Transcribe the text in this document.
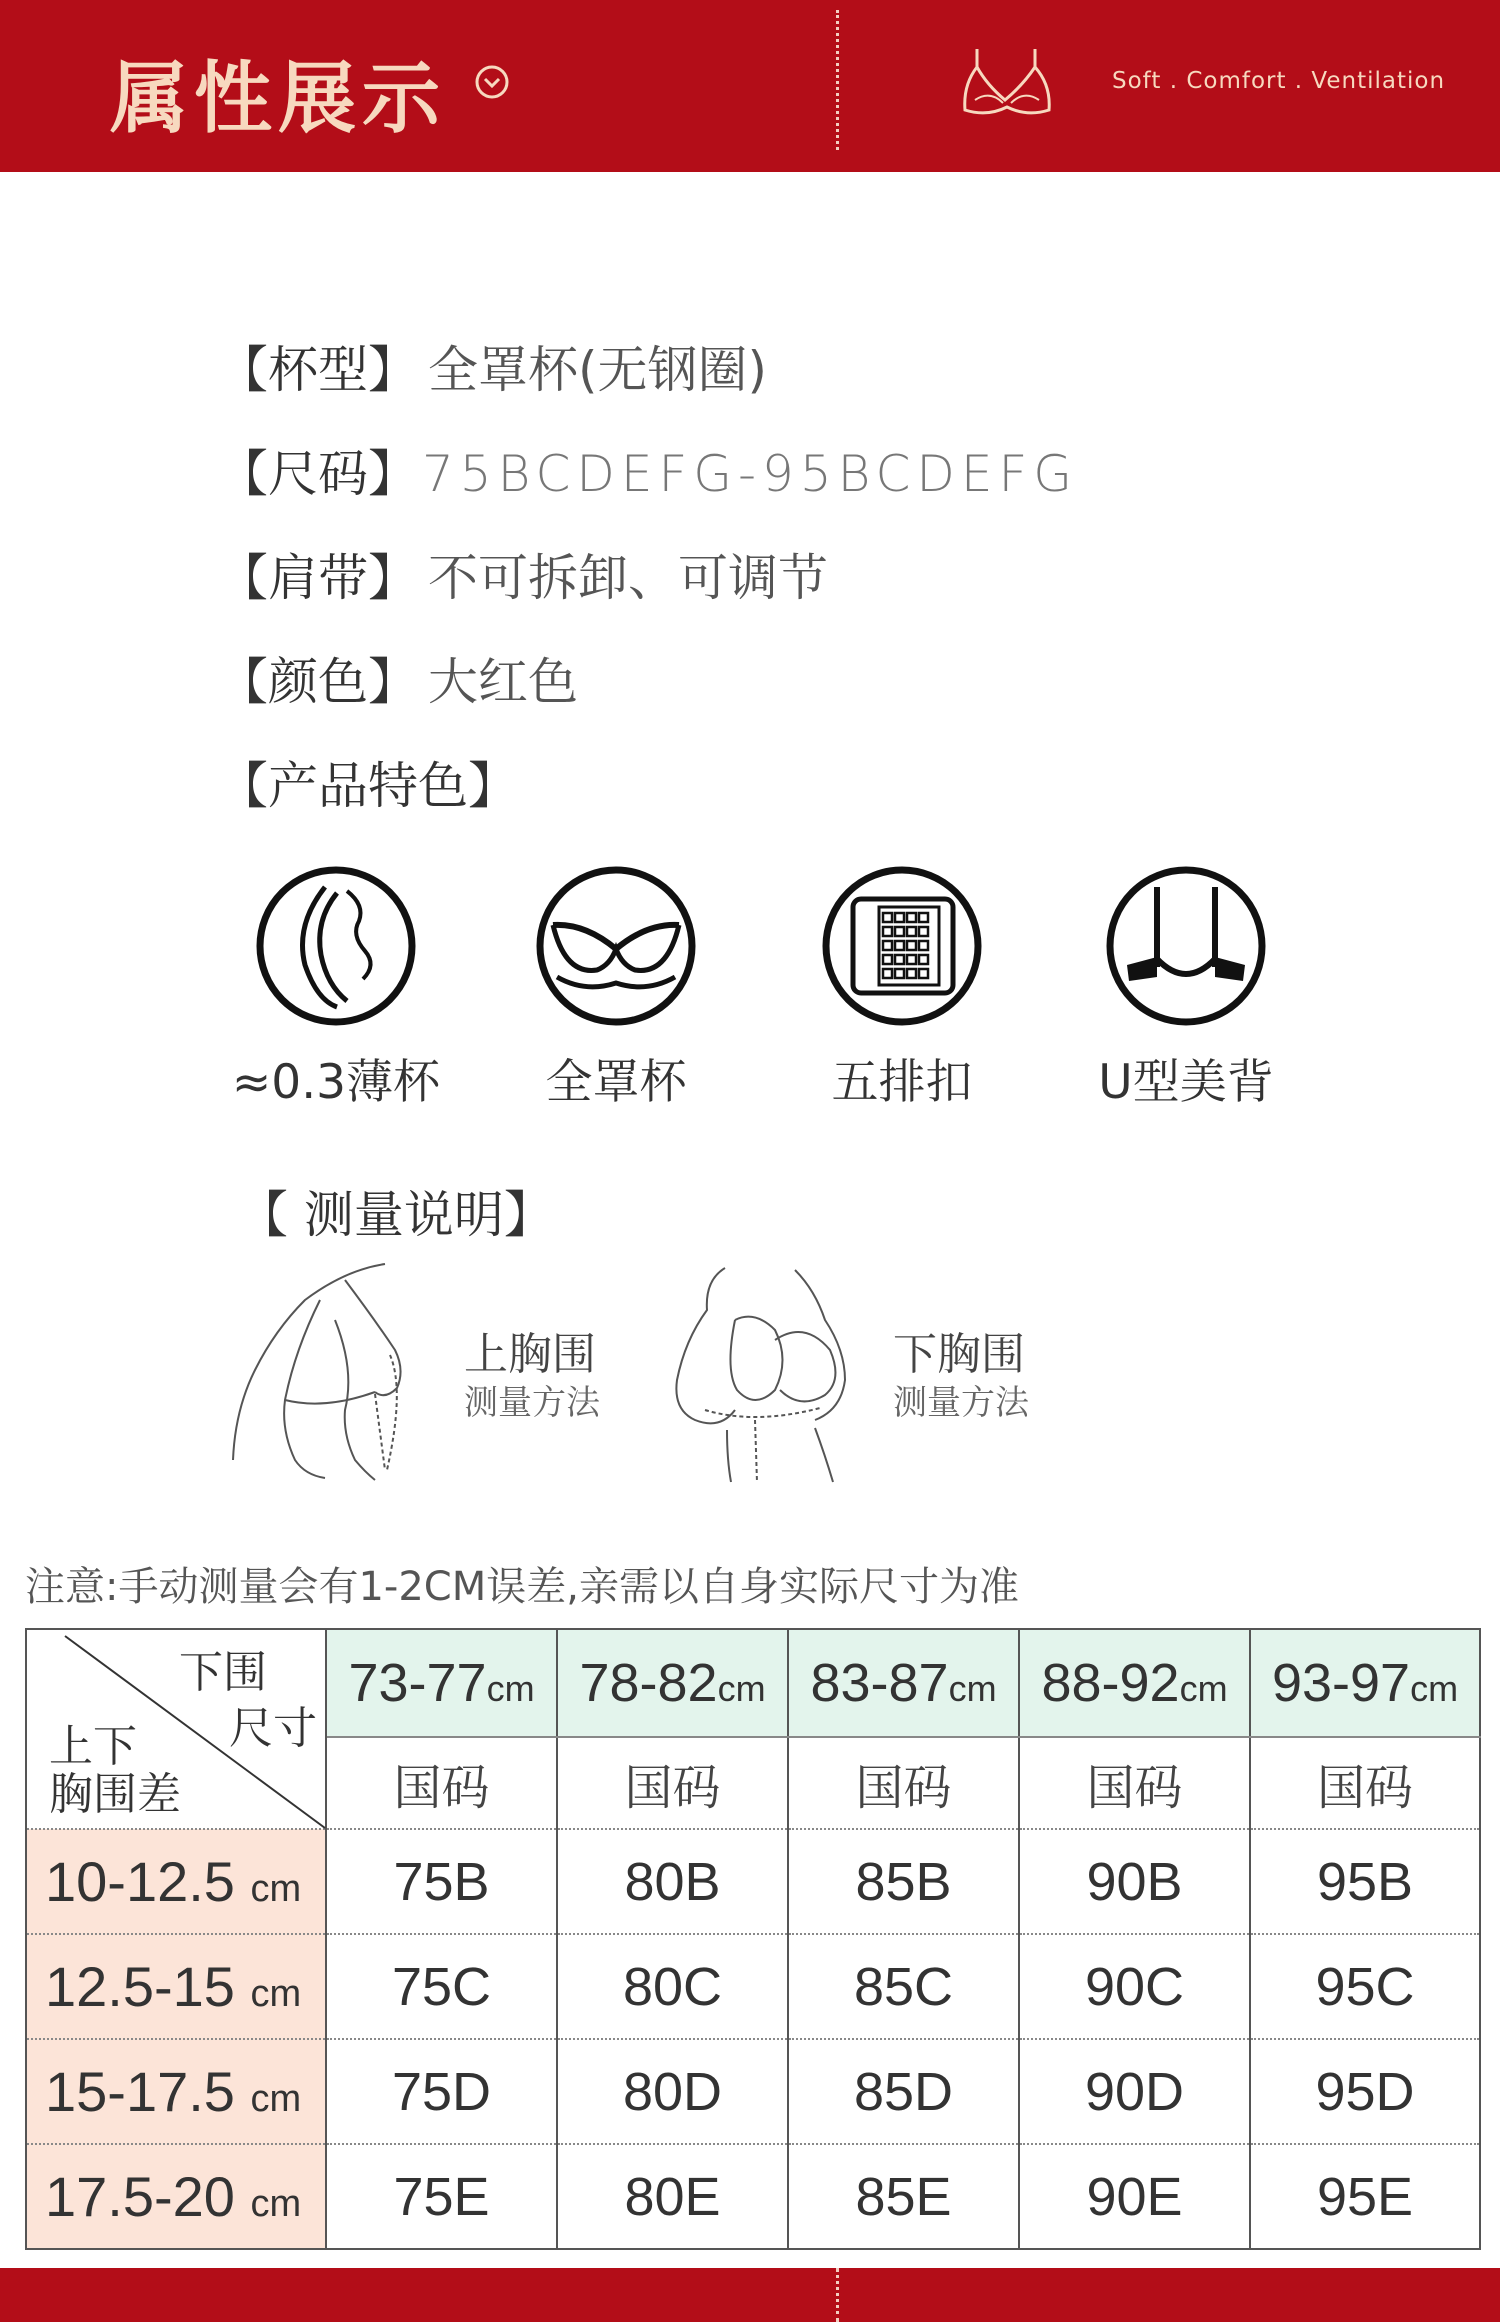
属性展示	Soft . Comfort . Ventilation
【杯型】 全罩杯(无钢圈)
【尺码】75BCDEFG-95BCDEFG
【肩带】 不可拆卸、可调节
【颜色】 大红色
【产品特色】
≈0.3薄杯	全罩杯	五排扣	U型美背
【 测量说明】
上胸围
测量方法
下胸围
测量方法
注意:手动测量会有1-2CM误差,亲需以自身实际尺寸为准
下围
尺寸
上下
胸围差	73-77cm	78-82cm	83-87cm	88-92cm	93-97cm
	国码	国码	国码	国码	国码
10-12.5 cm	75B	80B	85B	90B	95B
12.5-15 cm	75C	80C	85C	90C	95C
15-17.5 cm	75D	80D	85D	90D	95D
17.5-20 cm	75E	80E	85E	90E	95E
